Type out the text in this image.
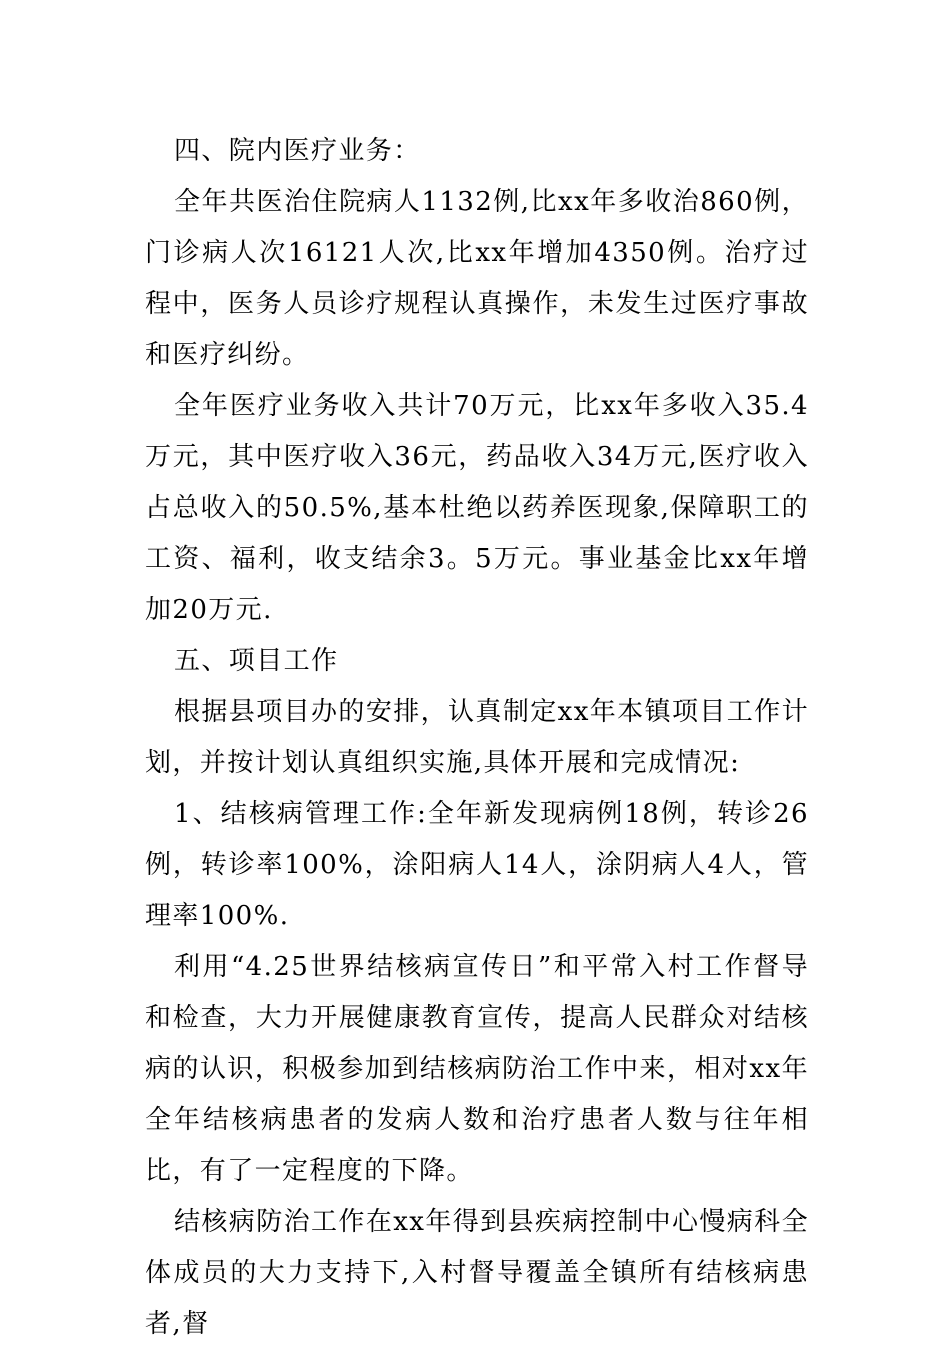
四、院内医疗业务：

全年共医治住院病人1132例,比xx年多收治860例，门诊病人次16121人次,比xx年增加4350例。治疗过程中，医务人员诊疗规程认真操作，未发生过医疗事故和医疗纠纷。

全年医疗业务收入共计70万元，比xx年多收入35.4万元，其中医疗收入36元，药品收入34万元,医疗收入占总收入的50.5%,基本杜绝以药养医现象,保障职工的工资、福利，收支结余3。5万元。事业基金比xx年增加20万元.

五、项目工作

根据县项目办的安排，认真制定xx年本镇项目工作计划，并按计划认真组织实施,具体开展和完成情况:

1、结核病管理工作:全年新发现病例18例，转诊26例，转诊率100%，涂阳病人14人，涂阴病人4人，管理率100%.

利用“4.25世界结核病宣传日”和平常入村工作督导和检查，大力开展健康教育宣传，提高人民群众对结核病的认识，积极参加到结核病防治工作中来，相对xx年全年结核病患者的发病人数和治疗患者人数与往年相比，有了一定程度的下降。

结核病防治工作在xx年得到县疾病控制中心慢病科全体成员的大力支持下,入村督导覆盖全镇所有结核病患者,督
